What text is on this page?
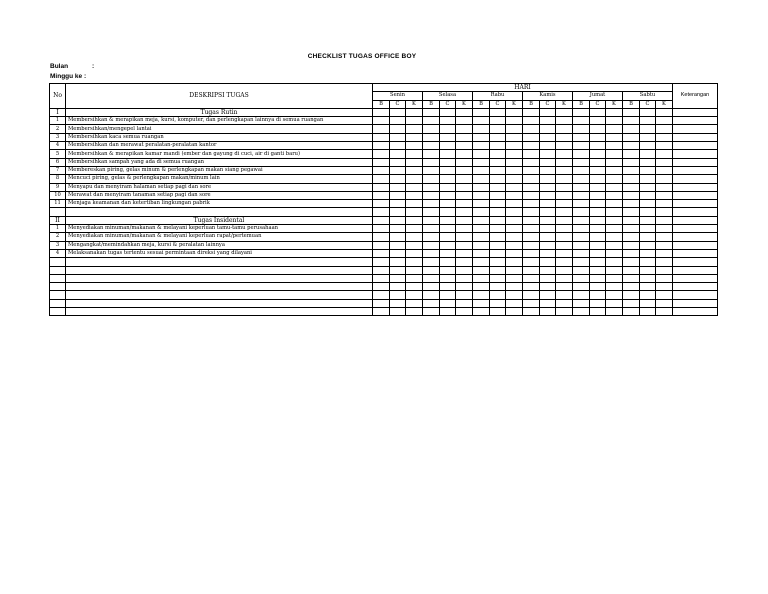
CHECKLIST TUGAS OFFICE BOY
Bulan	:
Minggu ke :
No	DESKRIPSI TUGAS	HARI																		Keterangan
		Senin			Selasa			Rabu			Kamis			Jumat			Sabtu			
		B	C	K	B	C	K	B	C	K	B	C	K	B	C	K	B	C	K	
I	Tugas Rutin																			
1	Membersihkan & merapikan meja, kursi, komputer, dan perlengkapan lainnya di semua ruangan																			
2	Membersihkan/mengepel lantai																			
3	Membersihkan kaca semua ruangan																			
4	Membersihkan dan merawat peralatan-peralatan kantor																			
5	Membersihkan & merapikan kamar mandi (ember dan gayung di cuci, air di ganti baru)																			
6	Membersihkan sampah yang ada di semua ruangan																			
7	Membereskan piring, gelas minum & perlengkapan makan siang pegawai																			
8	Mencuci piring, gelas & perlengkapan makan/minum lain																			
9	Menyapu dan menyiram halaman setiap pagi dan sore																			
10	Merawat dan menyiram tanaman setiap pagi dan sore																			
11	Menjaga keamanan dan ketertiban lingkungan pabrik																			

II	Tugas Insidental																			
1	Menyediakan minuman/makanan & melayani keperluan tamu-tamu perusahaan																			
2	Menyediakan minuman/makanan & melayani keperluan rapat/pertemuan																			
3	Mengangkat/memindahkan meja, kursi & peralatan lainnya																			
4	Melaksanakan tugas tertentu sesuai permintaan direksi yang dilayani																			
